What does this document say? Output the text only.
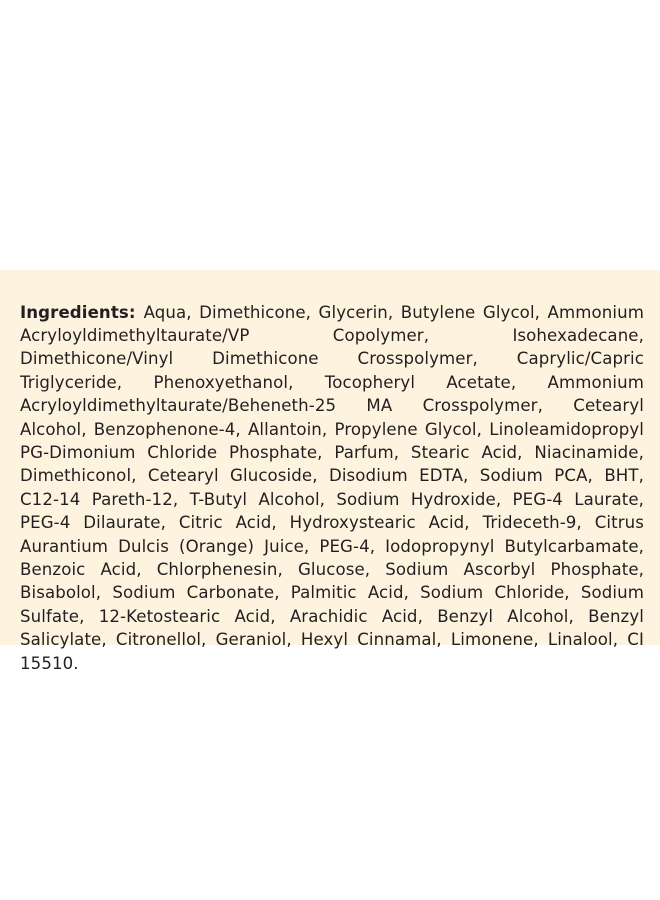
Ingredients: Aqua, Dimethicone, Glycerin, Butylene Glycol, Ammonium Acryloyldimethyltaurate/VP Copolymer, Isohexadecane, Dimethicone/Vinyl Dimethicone Crosspolymer, Caprylic/Capric Triglyceride, Phenoxyethanol, Tocopheryl Acetate, Ammonium Acryloyldimethyltaurate/Beheneth-25 MA Crosspolymer, Cetearyl Alcohol, Benzophenone-4, Allantoin, Propylene Glycol, Linoleamidopropyl PG-Dimonium Chloride Phosphate, Parfum, Stearic Acid, Niacinamide, Dimethiconol, Cetearyl Glucoside, Disodium EDTA, Sodium PCA, BHT, C12-14 Pareth-12, T-Butyl Alcohol, Sodium Hydroxide, PEG-4 Laurate, PEG-4 Dilaurate, Citric Acid, Hydroxystearic Acid, Trideceth-9, Citrus Aurantium Dulcis (Orange) Juice, PEG-4, Iodopropynyl Butylcarbamate, Benzoic Acid, Chlorphenesin, Glucose, Sodium Ascorbyl Phosphate, Bisabolol, Sodium Carbonate, Palmitic Acid, Sodium Chloride, Sodium Sulfate, 12-Ketostearic Acid, Arachidic Acid, Benzyl Alcohol, Benzyl Salicylate, Citronellol, Geraniol, Hexyl Cinnamal, Limonene, Linalool, CI 15510.
